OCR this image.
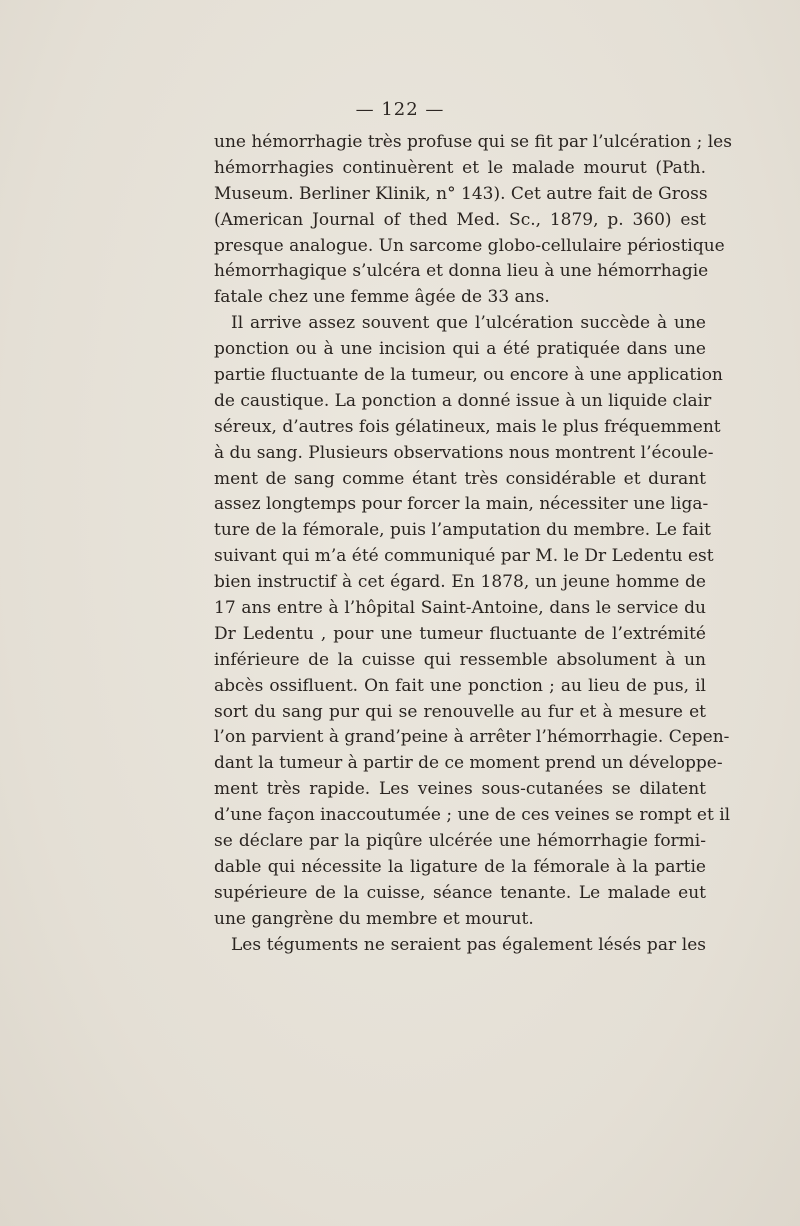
— 122 —
une hémorrhagie très profuse qui se fit par l’ulcération ; les
hémorrhagies continuèrent et le malade mourut (Path.
Museum. Berliner Klinik, n° 143). Cet autre fait de Gross
(American Journal of thed Med. Sc., 1879, p. 360) est
presque analogue. Un sarcome globo-cellulaire périostique
hémorrhagique s’ulcéra et donna lieu à une hémorrhagie
fatale chez une femme âgée de 33 ans.
Il arrive assez souvent que l’ulcération succède à une
ponction ou à une incision qui a été pratiquée dans une
partie fluctuante de la tumeur, ou encore à une application
de caustique. La ponction a donné issue à un liquide clair
séreux, d’autres fois gélatineux, mais le plus fréquemment
à du sang. Plusieurs observations nous montrent l’écoule-
ment de sang comme étant très considérable et durant
assez longtemps pour forcer la main, nécessiter une liga-
ture de la fémorale, puis l’amputation du membre. Le fait
suivant qui m’a été communiqué par M. le Dr Ledentu est
bien instructif à cet égard. En 1878, un jeune homme de
17 ans entre à l’hôpital Saint-Antoine, dans le service du
Dr Ledentu , pour une tumeur fluctuante de l’extrémité
inférieure de la cuisse qui ressemble absolument à un
abcès ossifluent. On fait une ponction ; au lieu de pus, il
sort du sang pur qui se renouvelle au fur et à mesure et
l’on parvient à grand’peine à arrêter l’hémorrhagie. Cepen-
dant la tumeur à partir de ce moment prend un développe-
ment très rapide. Les veines sous-cutanées se dilatent
d’une façon inaccoutumée ; une de ces veines se rompt et il
se déclare par la piqûre ulcérée une hémorrhagie formi-
dable qui nécessite la ligature de la fémorale à la partie
supérieure de la cuisse, séance tenante. Le malade eut
une gangrène du membre et mourut.
Les téguments ne seraient pas également lésés par les
